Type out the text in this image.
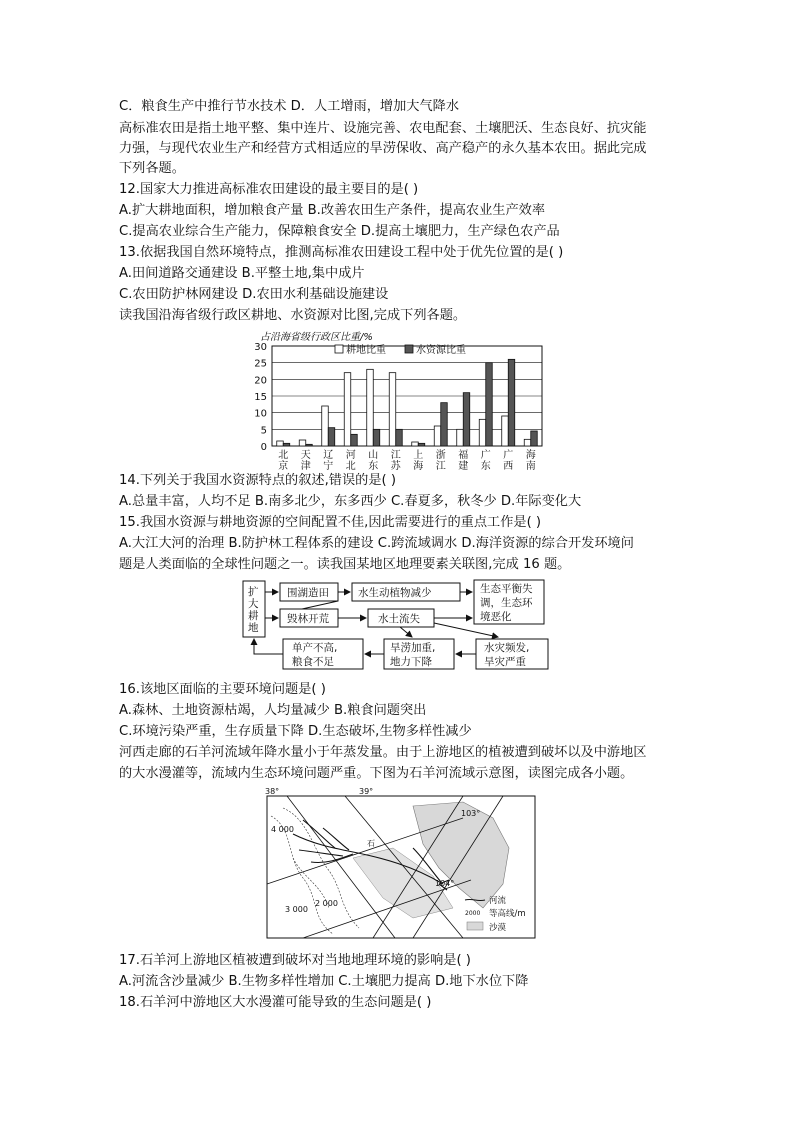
C．粮食生产中推行节水技术 D．人工增雨，增加大气降水
高标准农田是指土地平整、集中连片、设施完善、农电配套、土壤肥沃、生态良好、抗灾能
力强，与现代农业生产和经营方式相适应的旱涝保收、高产稳产的永久基本农田。据此完成
下列各题。
12.国家大力推进高标准农田建设的最主要目的是( )
A.扩大耕地面积，增加粮食产量 B.改善农田生产条件，提高农业生产效率
C.提高农业综合生产能力，保障粮食安全 D.提高土壤肥力，生产绿色农产品
13.依据我国自然环境特点，推测高标准农田建设工程中处于优先位置的是( )
A.田间道路交通建设 B.平整土地,集中成片
C.农田防护林网建设 D.农田水利基础设施建设
读我国沿海省级行政区耕地、水资源对比图,完成下列各题。
占沿海省级行政区比重/%
0
5
10
15
20
25
30
北
京
天
津
辽
宁
河
北
山
东
江
苏
上
海
浙
江
福
建
广
东
广
西
海
南
耕地比重	水资源比重
14.下列关于我国水资源特点的叙述,错误的是( )
A.总量丰富，人均不足 B.南多北少，东多西少 C.春夏多，秋冬少 D.年际变化大
15.我国水资源与耕地资源的空间配置不佳,因此需要进行的重点工作是( )
A.大江大河的治理 B.防护林工程体系的建设 C.跨流域调水 D.海洋资源的综合开发环境问
题是人类面临的全球性问题之一。读我国某地区地理要素关联图,完成 16 题。
围湖造田	水生动植物减少	生态平衡失
调，生态环
境恶化
毁林开荒	水土流失
水灾频发,
旱灾严重
旱涝加重,
地力下降
单产不高,
粮食不足
扩
大
耕
地
16.该地区面临的主要环境问题是( )
A.森林、土地资源枯竭，人均量减少 B.粮食问题突出
C.环境污染严重，生存质量下降 D.生态破坏,生物多样性减少
河西走廊的石羊河流域年降水量小于年蒸发量。由于上游地区的植被遭到破坏以及中游地区
的大水漫灌等，流域内生态环境问题严重。下图为石羊河流域示意图，读图完成各小题。
38°	39°
103°
104°
4 000
3 000
2 000
石
河流
2000 等高线/m
沙漠
17.石羊河上游地区植被遭到破坏对当地地理环境的影响是( )
A.河流含沙量减少 B.生物多样性增加 C.土壤肥力提高 D.地下水位下降
18.石羊河中游地区大水漫灌可能导致的生态问题是( )
